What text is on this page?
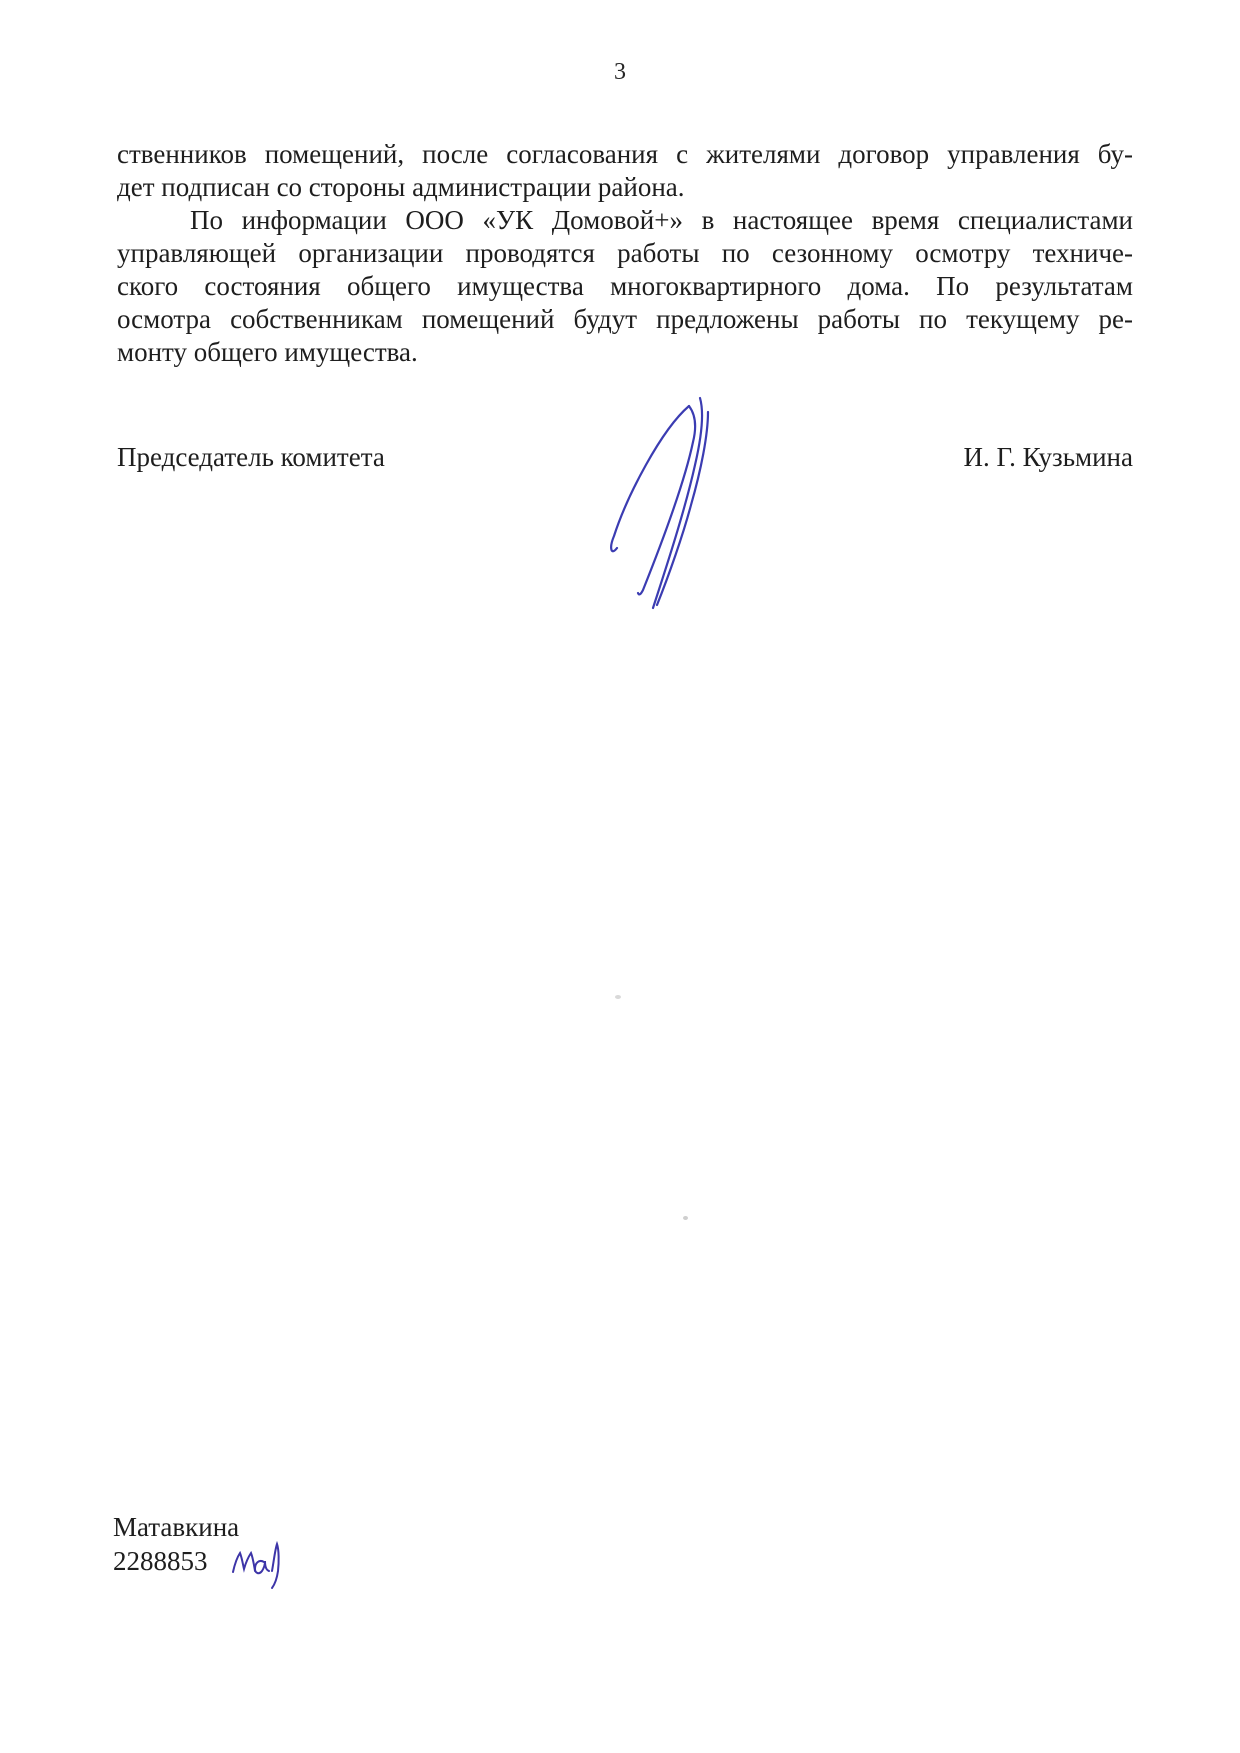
3
ственников помещений, после согласования с жителями договор управления бу-
дет подписан со стороны администрации района.
По информации ООО «УК Домовой+» в настоящее время специалистами
управляющей организации проводятся работы по сезонному осмотру техниче-
ского состояния общего имущества многоквартирного дома. По результатам
осмотра собственникам помещений будут предложены работы по текущему ре-
монту общего имущества.
Председатель комитета	И. Г. Кузьмина
Матавкина
2288853
